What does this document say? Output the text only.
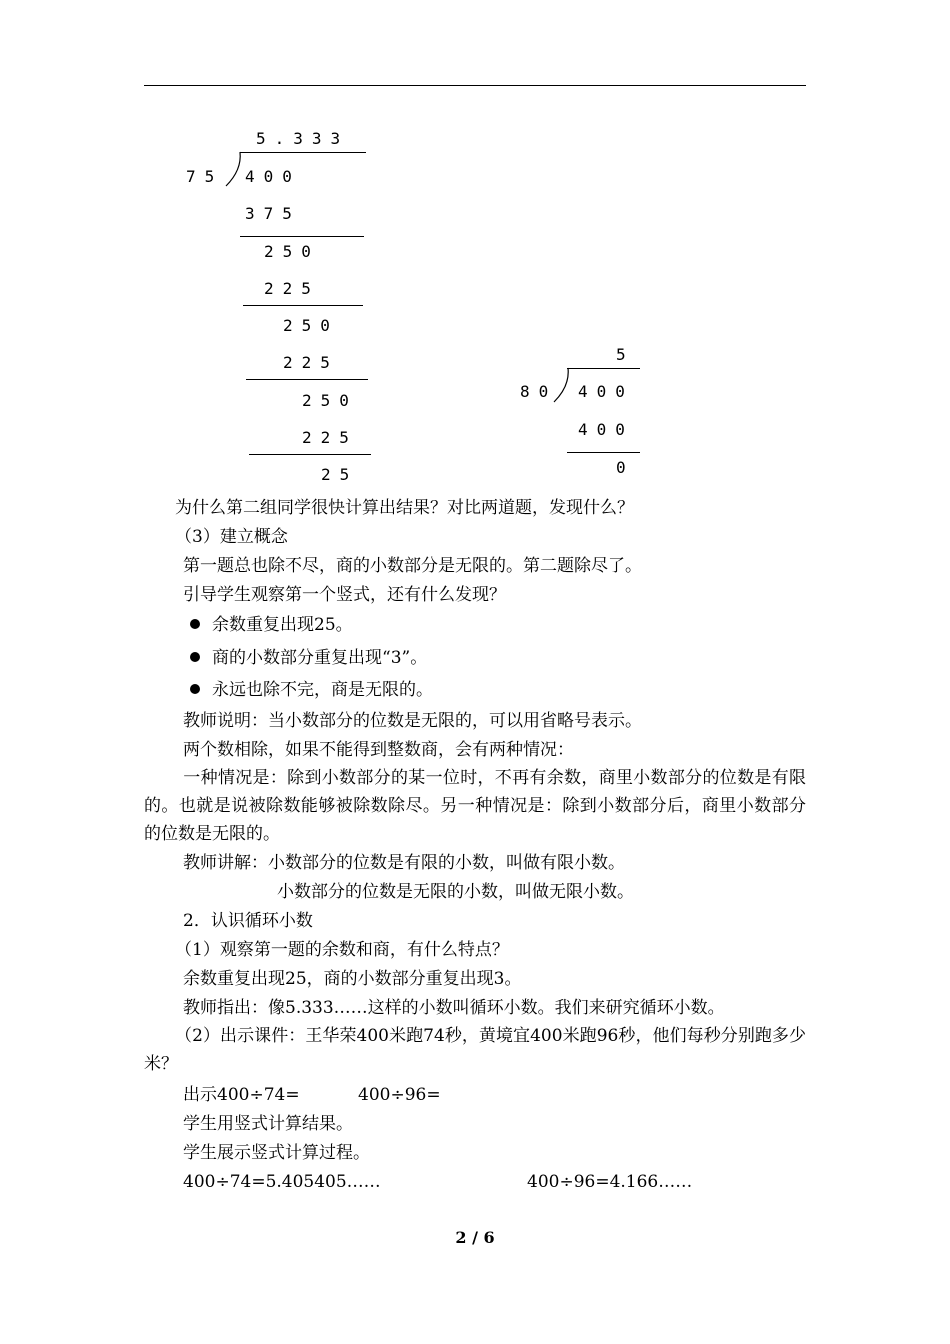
5.333
75 400
375
250
225
250
225
250
225
25
5
80 400
400
0
为什么第二组同学很快计算出结果？对比两道题，发现什么？
（3）建立概念
第一题总也除不尽，商的小数部分是无限的。第二题除尽了。
引导学生观察第一个竖式，还有什么发现？
余数重复出现25。
商的小数部分重复出现“3”。
永远也除不完，商是无限的。
教师说明：当小数部分的位数是无限的，可以用省略号表示。
两个数相除，如果不能得到整数商，会有两种情况：
一种情况是：除到小数部分的某一位时，不再有余数，商里小数部分的位数是有限的。也就是说被除数能够被除数除尽。另一种情况是：除到小数部分后，商里小数部分的位数是无限的。
教师讲解：小数部分的位数是有限的小数，叫做有限小数。
小数部分的位数是无限的小数，叫做无限小数。
2．认识循环小数
（1）观察第一题的余数和商，有什么特点？
余数重复出现25，商的小数部分重复出现3。
教师指出：像5.333……这样的小数叫循环小数。我们来研究循环小数。
（2）出示课件：王华荣400米跑74秒，黄境宜400米跑96秒，他们每秒分别跑多少米？
出示400÷74=	400÷96=
学生用竖式计算结果。
学生展示竖式计算过程。
400÷74=5.405405……	400÷96=4.166……
2 / 6
